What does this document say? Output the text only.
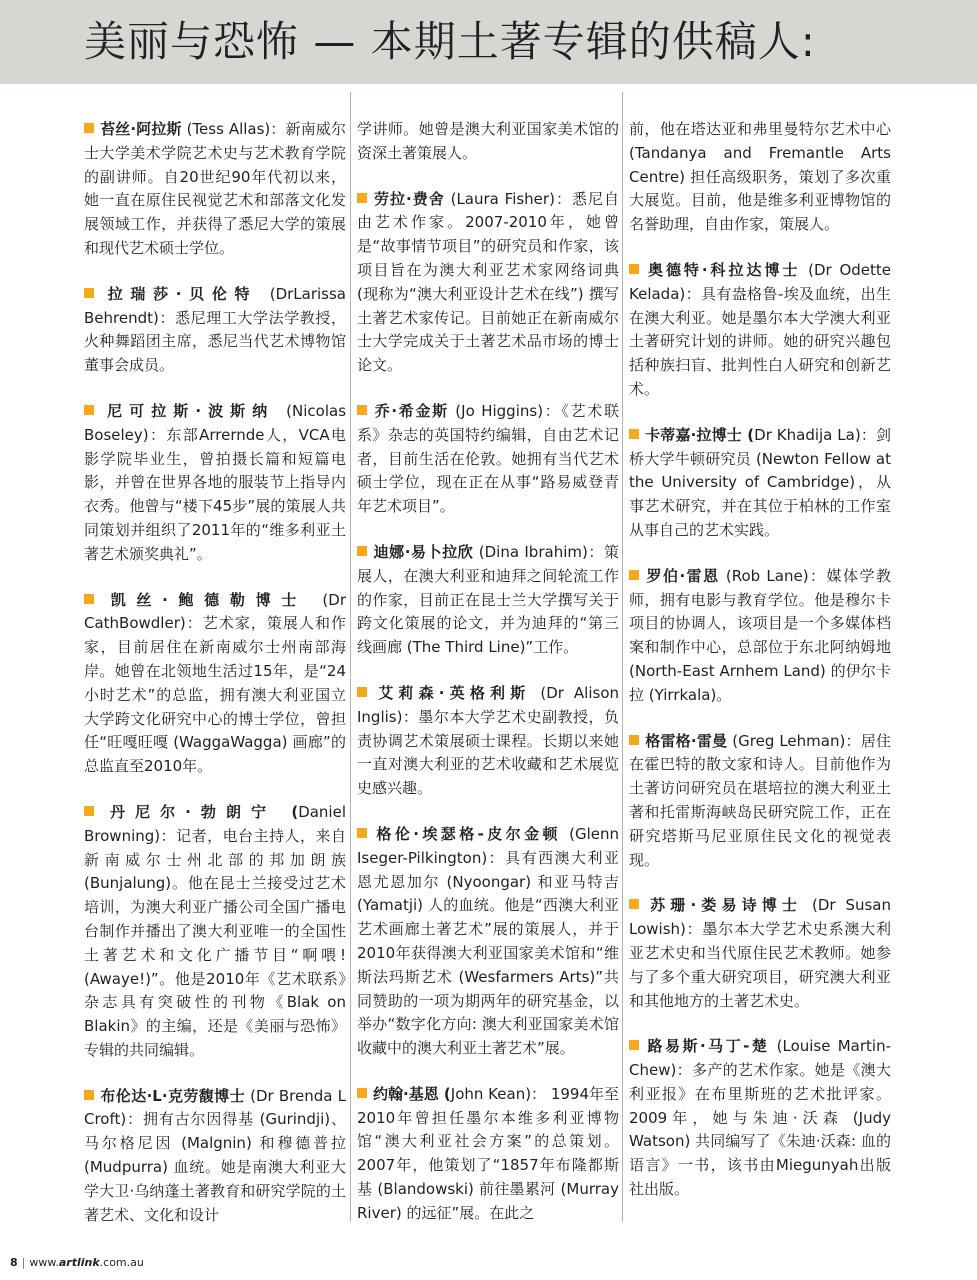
美丽与恐怖 — 本期土著专辑的供稿人:

苔丝·阿拉斯 (Tess Allas)：新南威尔士大学美术学院艺术史与艺术教育学院的副讲师。自20世纪90年代初以来，她一直在原住民视觉艺术和部落文化发展领域工作，并获得了悉尼大学的策展和现代艺术硕士学位。

拉瑞莎·贝伦特 (DrLarissa Behrendt)：悉尼理工大学法学教授，火种舞蹈团主席，悉尼当代艺术博物馆董事会成员。

尼可拉斯·波斯纳 (Nicolas Boseley)：东部Arrernde人，VCA电影学院毕业生，曾拍摄长篇和短篇电影，并曾在世界各地的服装节上指导内衣秀。他曾与“楼下45步”展的策展人共同策划并组织了2011年的“维多利亚土著艺术颁奖典礼”。

凯丝·鲍德勒博士 (Dr CathBowdler)：艺术家，策展人和作家，目前居住在新南威尔士州南部海岸。她曾在北领地生活过15年，是“24小时艺术”的总监，拥有澳大利亚国立大学跨文化研究中心的博士学位，曾担任“旺嘎旺嘎 (WaggaWagga) 画廊”的总监直至2010年。

丹尼尔·勃朗宁 (Daniel Browning)：记者，电台主持人，来自新南威尔士州北部的邦加朗族 (Bunjalung)。他在昆士兰接受过艺术培训，为澳大利亚广播公司全国广播电台制作并播出了澳大利亚唯一的全国性土著艺术和文化广播节目“啊喂! (Awaye!)”。他是2010年《艺术联系》杂志具有突破性的刊物《Blak on Blakin》的主编，还是《美丽与恐怖》专辑的共同编辑。

布伦达·L·克劳馥博士 (Dr Brenda L Croft)：拥有古尔因得基 (Gurindji)、马尔格尼因 (Malgnin) 和穆德普拉 (Mudpurra) 血统。她是南澳大利亚大学大卫·乌纳蓬土著教育和研究学院的土著艺术、文化和设计

学讲师。她曾是澳大利亚国家美术馆的资深土著策展人。

劳拉·费舍 (Laura Fisher)：悉尼自由艺术作家。2007-2010年，她曾是“故事情节项目”的研究员和作家，该项目旨在为澳大利亚艺术家网络词典 (现称为“澳大利亚设计艺术在线”) 撰写土著艺术家传记。目前她正在新南威尔士大学完成关于土著艺术品市场的博士论文。

乔·希金斯 (Jo Higgins)：《艺术联系》杂志的英国特约编辑，自由艺术记者，目前生活在伦敦。她拥有当代艺术硕士学位，现在正在从事“路易威登青年艺术项目”。

迪娜·易卜拉欣 (Dina Ibrahim)：策展人，在澳大利亚和迪拜之间轮流工作的作家，目前正在昆士兰大学撰写关于跨文化策展的论文，并为迪拜的“第三线画廊 (The Third Line)”工作。

艾莉森·英格利斯 (Dr Alison Inglis)：墨尔本大学艺术史副教授，负责协调艺术策展硕士课程。长期以来她一直对澳大利亚的艺术收藏和艺术展览史感兴趣。

格伦·埃瑟格-皮尔金顿 (Glenn Iseger-Pilkington)：具有西澳大利亚恩尤恩加尔 (Nyoongar) 和亚马特吉 (Yamatji) 人的血统。他是“西澳大利亚艺术画廊土著艺术”展的策展人，并于2010年获得澳大利亚国家美术馆和“维斯法玛斯艺术 (Wesfarmers Arts)”共同赞助的一项为期两年的研究基金，以举办“数字化方向: 澳大利亚国家美术馆收藏中的澳大利亚土著艺术”展。

约翰·基恩 (John Kean)： 1994年至2010年曾担任墨尔本维多利亚博物馆“澳大利亚社会方案”的总策划。2007年，他策划了“1857年布隆都斯基 (Blandowski) 前往墨累河 (Murray River) 的远征”展。在此之

前，他在塔达亚和弗里曼特尔艺术中心 (Tandanya and Fremantle Arts Centre) 担任高级职务，策划了多次重大展览。目前，他是维多利亚博物馆的名誉助理，自由作家，策展人。

奥德特·科拉达博士 (Dr Odette Kelada)：具有盎格鲁-埃及血统，出生在澳大利亚。她是墨尔本大学澳大利亚土著研究计划的讲师。她的研究兴趣包括种族扫盲、批判性白人研究和创新艺术。

卡蒂嘉·拉博士 (Dr Khadija La)：剑桥大学牛顿研究员 (Newton Fellow at the University of Cambridge)，从事艺术研究，并在其位于柏林的工作室从事自己的艺术实践。

罗伯·雷恩 (Rob Lane)：媒体学教师，拥有电影与教育学位。他是穆尔卡项目的协调人，该项目是一个多媒体档案和制作中心，总部位于东北阿纳姆地 (North-East Arnhem Land) 的伊尔卡拉 (Yirrkala)。

格雷格·雷曼 (Greg Lehman)：居住在霍巴特的散文家和诗人。目前他作为土著访问研究员在堪培拉的澳大利亚土著和托雷斯海峡岛民研究院工作，正在研究塔斯马尼亚原住民文化的视觉表现。

苏珊·娄易诗博士 (Dr Susan Lowish)：墨尔本大学艺术史系澳大利亚艺术史和当代原住民艺术教师。她参与了多个重大研究项目，研究澳大利亚和其他地方的土著艺术史。

路易斯·马丁-楚 (Louise Martin-Chew)：多产的艺术作家。她是《澳大利亚报》在布里斯班的艺术批评家。2009年，她与朱迪·沃森 (Judy Watson) 共同编写了《朱迪·沃森: 血的语言》一书，该书由Miegunyah出版社出版。

8 | www.artlink.com.au
